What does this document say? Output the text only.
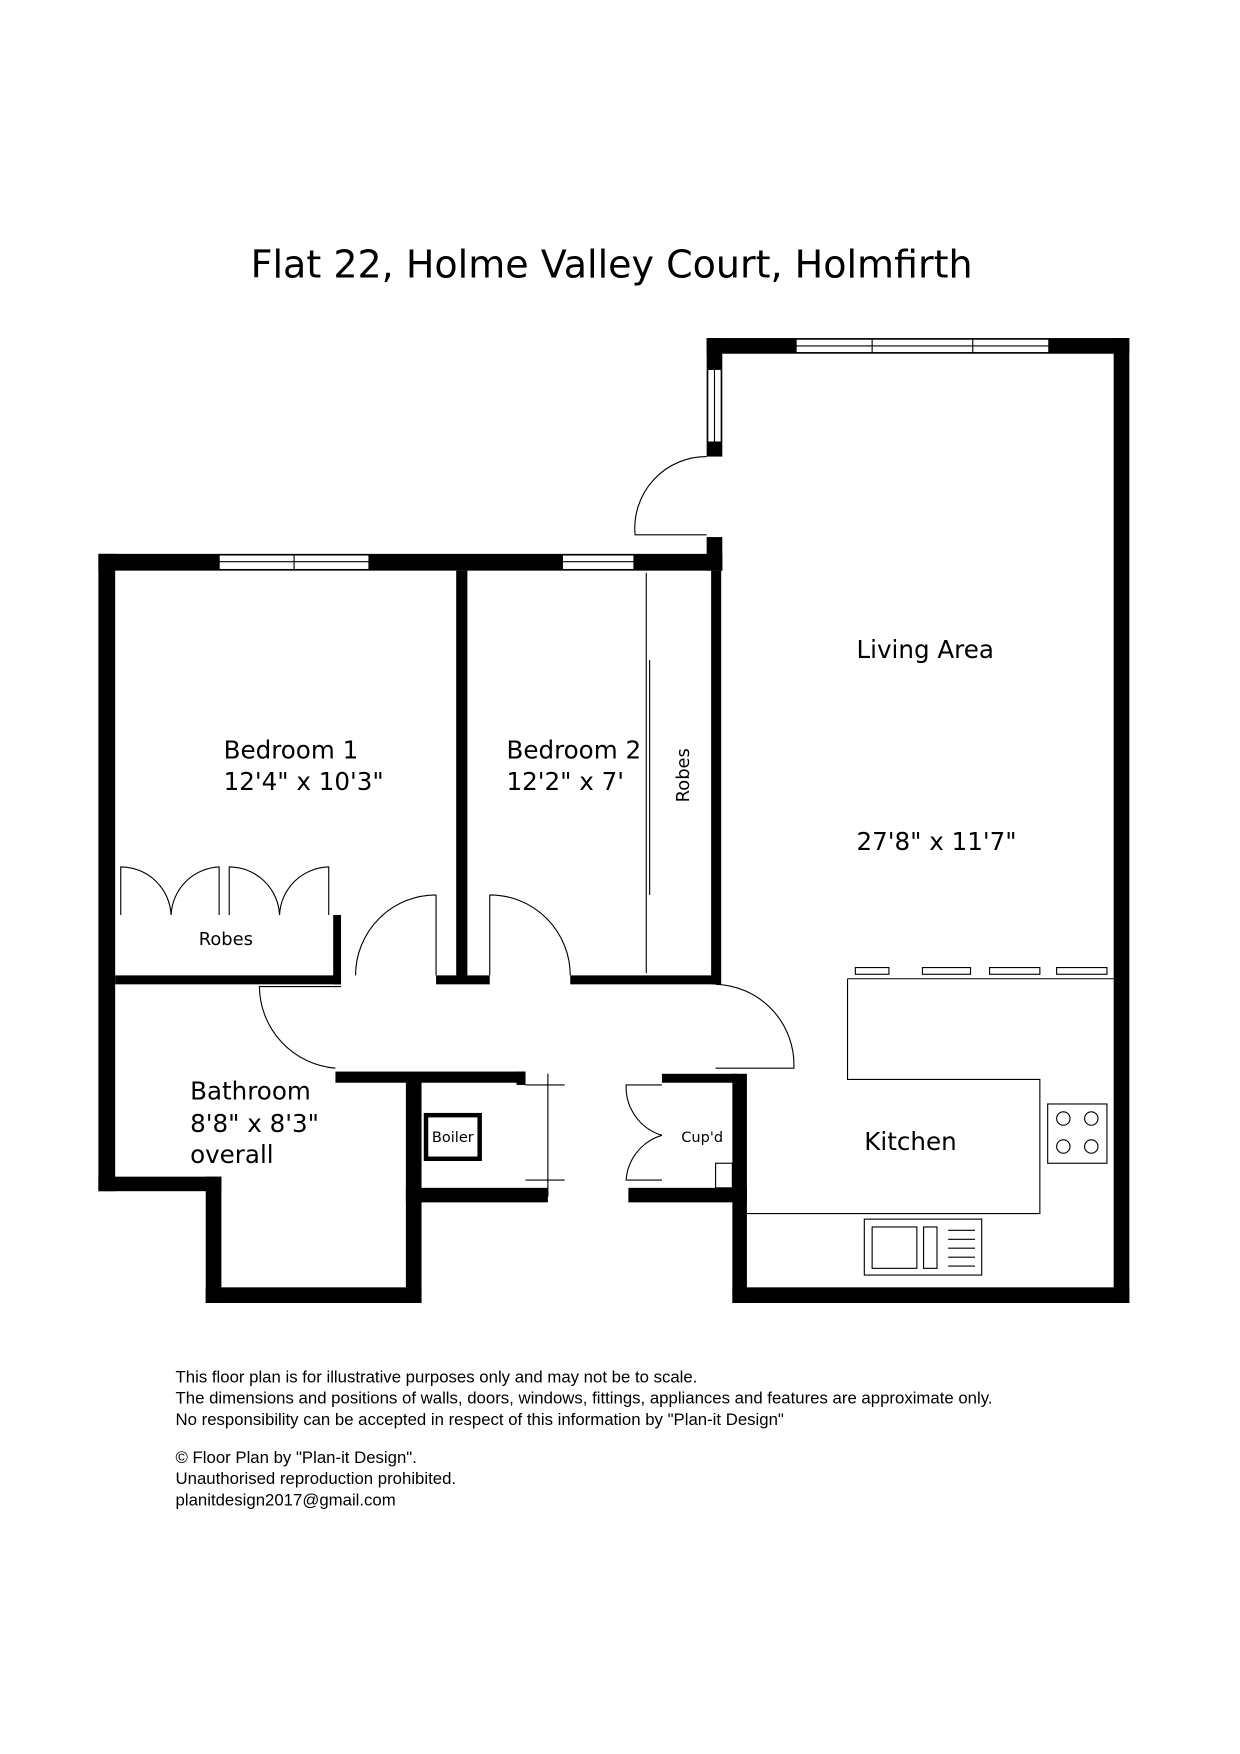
Flat 22, Holme Valley Court, Holmfirth
Living Area
27'8" x 11'7"
Bedroom 1
12'4" x 10'3"
Robes
Bedroom 2
12'2" x 7'	Robes
Bathroom
8'8" x 8'3"
overall
Boiler	Cup'd	Kitchen
This floor plan is for illustrative purposes only and may not be to scale.
The dimensions and positions of walls, doors, windows, fittings, appliances and features are approximate only.
No responsibility can be accepted in respect of this information by "Plan-it Design"
© Floor Plan by "Plan-it Design".
Unauthorised reproduction prohibited.
planitdesign2017@gmail.com
